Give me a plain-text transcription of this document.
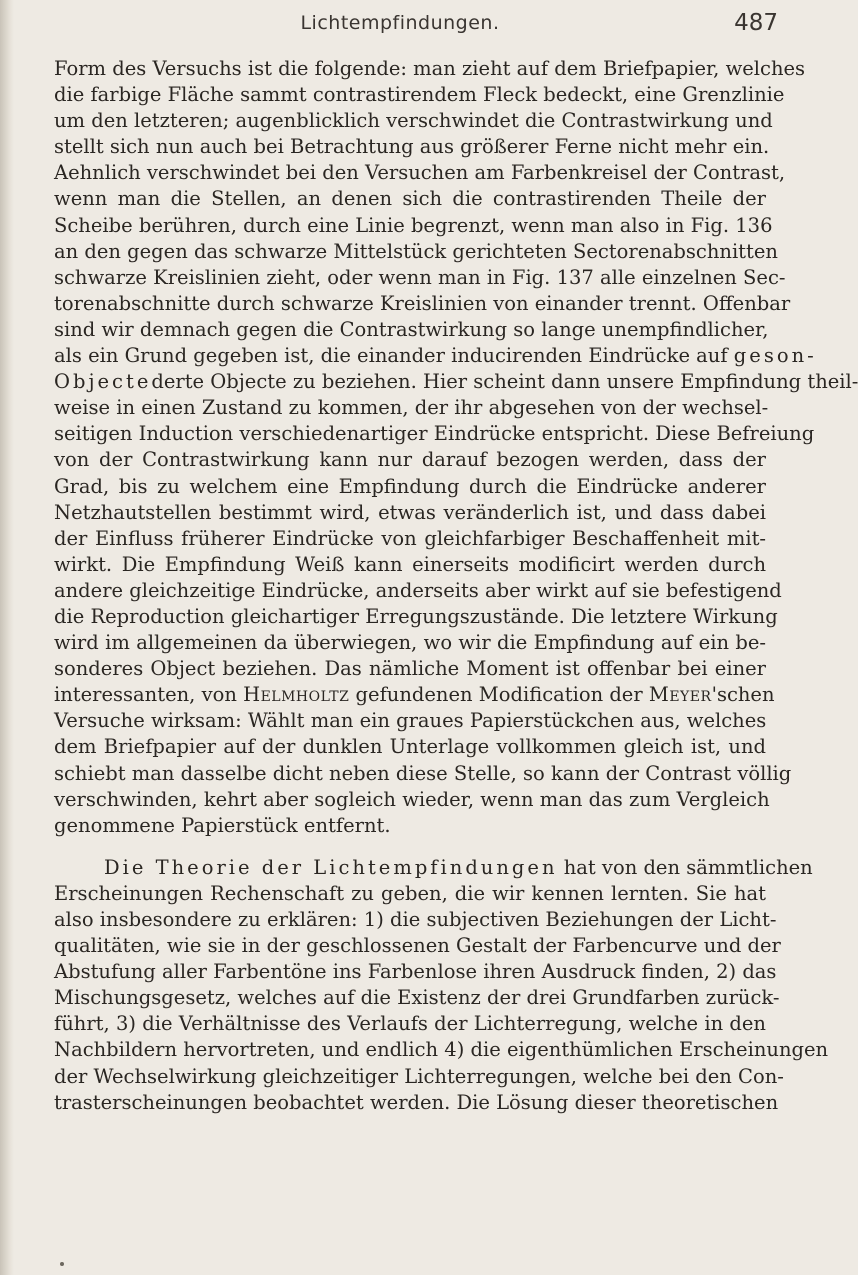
Lichtempfindungen.	487
Form des Versuchs ist die folgende: man zieht auf dem Briefpapier, welches
die farbige Fläche sammt contrastirendem Fleck bedeckt, eine Grenzlinie
um den letzteren; augenblicklich verschwindet die Contrastwirkung und
stellt sich nun auch bei Betrachtung aus größerer Ferne nicht mehr ein.
Aehnlich verschwindet bei den Versuchen am Farbenkreisel der Contrast,
wenn man die Stellen, an denen sich die contrastirenden Theile der
Scheibe berühren, durch eine Linie begrenzt, wenn man also in Fig. 136
an den gegen das schwarze Mittelstück gerichteten Sectorenabschnitten
schwarze Kreislinien zieht, oder wenn man in Fig. 137 alle einzelnen Sec-
torenabschnitte durch schwarze Kreislinien von einander trennt. Offenbar
sind wir demnach gegen die Contrastwirkung so lange unempfindlicher,
als ein Grund gegeben ist, die einander inducirenden Eindrücke auf geson-
Objectederte Objecte zu beziehen. Hier scheint dann unsere Empfindung theil-
weise in einen Zustand zu kommen, der ihr abgesehen von der wechsel-
seitigen Induction verschiedenartiger Eindrücke entspricht. Diese Befreiung
von der Contrastwirkung kann nur darauf bezogen werden, dass der
Grad, bis zu welchem eine Empfindung durch die Eindrücke anderer
Netzhautstellen bestimmt wird, etwas veränderlich ist, und dass dabei
der Einfluss früherer Eindrücke von gleichfarbiger Beschaffenheit mit-
wirkt. Die Empfindung Weiß kann einerseits modificirt werden durch
andere gleichzeitige Eindrücke, anderseits aber wirkt auf sie befestigend
die Reproduction gleichartiger Erregungszustände. Die letztere Wirkung
wird im allgemeinen da überwiegen, wo wir die Empfindung auf ein be-
sonderes Object beziehen. Das nämliche Moment ist offenbar bei einer
interessanten, von Helmholtz gefundenen Modification der Meyer'schen
Versuche wirksam: Wählt man ein graues Papierstückchen aus, welches
dem Briefpapier auf der dunklen Unterlage vollkommen gleich ist, und
schiebt man dasselbe dicht neben diese Stelle, so kann der Contrast völlig
verschwinden, kehrt aber sogleich wieder, wenn man das zum Vergleich
genommene Papierstück entfernt.
Die Theorie der Lichtempfindungen hat von den sämmtlichen
Erscheinungen Rechenschaft zu geben, die wir kennen lernten. Sie hat
also insbesondere zu erklären: 1) die subjectiven Beziehungen der Licht-
qualitäten, wie sie in der geschlossenen Gestalt der Farbencurve und der
Abstufung aller Farbentöne ins Farbenlose ihren Ausdruck finden, 2) das
Mischungsgesetz, welches auf die Existenz der drei Grundfarben zurück-
führt, 3) die Verhältnisse des Verlaufs der Lichterregung, welche in den
Nachbildern hervortreten, und endlich 4) die eigenthümlichen Erscheinungen
der Wechselwirkung gleichzeitiger Lichterregungen, welche bei den Con-
trasterscheinungen beobachtet werden. Die Lösung dieser theoretischen
